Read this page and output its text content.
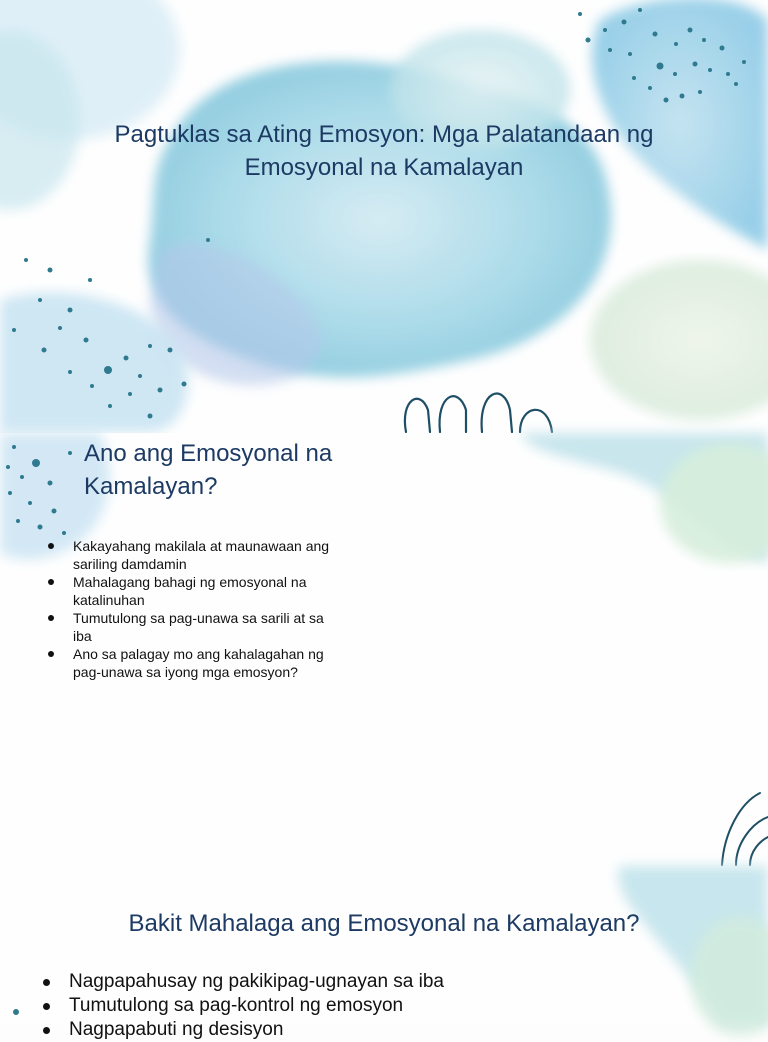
Pagtuklas sa Ating Emosyon: Mga Palatandaan ng Emosyonal na Kamalayan
Ano ang Emosyonal na Kamalayan?
Kakayahang makilala at maunawaan ang sariling damdamin
Mahalagang bahagi ng emosyonal na katalinuhan
Tumutulong sa pag-unawa sa sarili at sa iba
Ano sa palagay mo ang kahalagahan ng pag-unawa sa iyong mga emosyon?
Bakit Mahalaga ang Emosyonal na Kamalayan?
Nagpapahusay ng pakikipag-ugnayan sa iba
Tumutulong sa pag-kontrol ng emosyon
Nagpapabuti ng desisyon
